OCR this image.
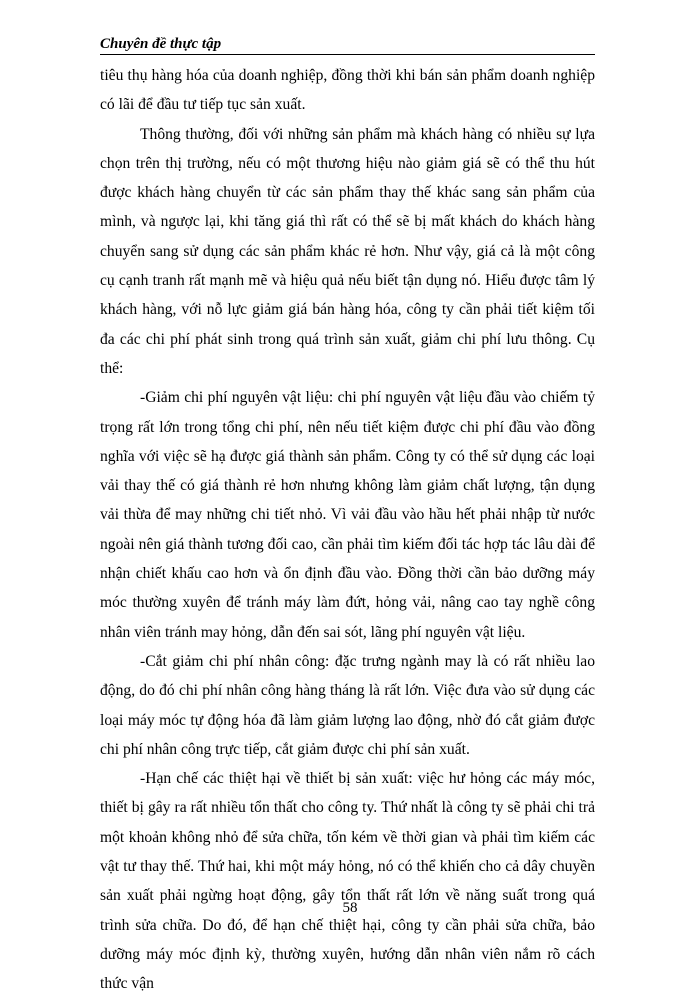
Chuyên đề thực tập

tiêu thụ hàng hóa của doanh nghiệp, đồng thời khi bán sản phẩm doanh nghiệp có lãi để đầu tư tiếp tục sản xuất.

Thông thường, đối với những sản phẩm mà khách hàng có nhiều sự lựa chọn trên thị trường, nếu có một thương hiệu nào giảm giá sẽ có thể thu hút được khách hàng chuyển từ các sản phẩm thay thế khác sang sản phẩm của mình, và ngược lại, khi tăng giá thì rất có thể sẽ bị mất khách do khách hàng chuyển sang sử dụng các sản phẩm khác rẻ hơn. Như vậy, giá cả là một công cụ cạnh tranh rất mạnh mẽ và hiệu quả nếu biết tận dụng nó. Hiểu được tâm lý khách hàng, với nỗ lực giảm giá bán hàng hóa, công ty cần phải tiết kiệm tối đa các chi phí phát sinh trong quá trình sản xuất, giảm chi phí lưu thông. Cụ thể:

-Giảm chi phí nguyên vật liệu: chi phí nguyên vật liệu đầu vào chiếm tỷ trọng rất lớn trong tổng chi phí, nên nếu tiết kiệm được chi phí đầu vào đồng nghĩa với việc sẽ hạ được giá thành sản phẩm. Công ty có thể sử dụng các loại vải thay thế có giá thành rẻ hơn nhưng không làm giảm chất lượng, tận dụng vải thừa để may những chi tiết nhỏ. Vì vải đầu vào hầu hết phải nhập từ nước ngoài nên giá thành tương đối cao, cần phải tìm kiếm đối tác hợp tác lâu dài để nhận chiết khấu cao hơn và ổn định đầu vào. Đồng thời cần bảo dưỡng máy móc thường xuyên để tránh máy làm đứt, hỏng vải, nâng cao tay nghề công nhân viên tránh may hỏng, dẫn đến sai sót, lãng phí nguyên vật liệu.

-Cắt giảm chi phí nhân công: đặc trưng ngành may là có rất nhiều lao động, do đó chi phí nhân công hàng tháng là rất lớn. Việc đưa vào sử dụng các loại máy móc tự động hóa đã làm giảm lượng lao động, nhờ đó cắt giảm được chi phí nhân công trực tiếp, cắt giảm được chi phí sản xuất.

-Hạn chế các thiệt hại về thiết bị sản xuất: việc hư hỏng các máy móc, thiết bị gây ra rất nhiều tổn thất cho công ty. Thứ nhất là công ty sẽ phải chi trả một khoản không nhỏ để sửa chữa, tốn kém về thời gian và phải tìm kiếm các vật tư thay thế. Thứ hai, khi một máy hỏng, nó có thể khiến cho cả dây chuyền sản xuất phải ngừng hoạt động, gây tổn thất rất lớn về năng suất trong quá trình sửa chữa. Do đó, để hạn chế thiệt hại, công ty cần phải sửa chữa, bảo dưỡng máy móc định kỳ, thường xuyên, hướng dẫn nhân viên nắm rõ cách thức vận

58
